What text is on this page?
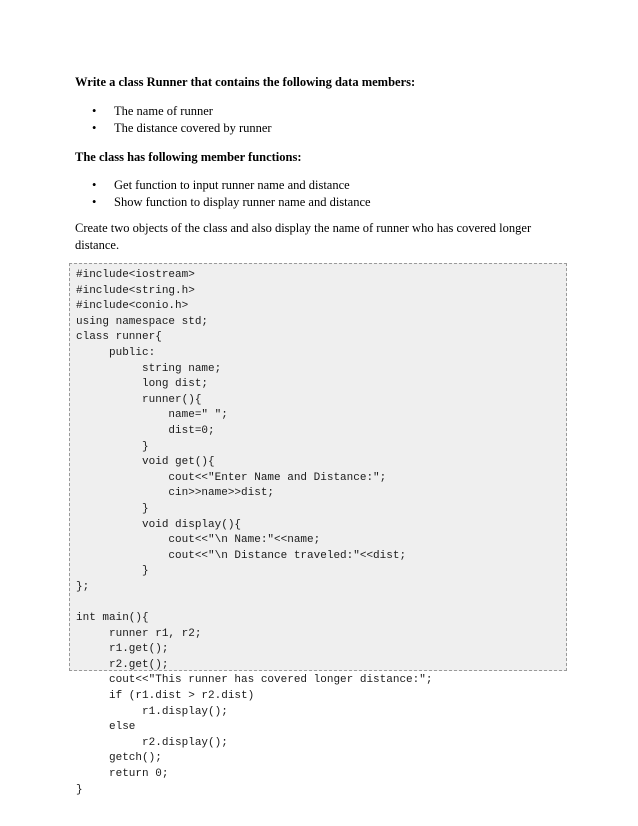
Write a class Runner that contains the following data members:
• The name of runner
• The distance covered by runner
The class has following member functions:
• Get function to input runner name and distance
• Show function to display runner name and distance
Create two objects of the class and also display the name of runner who has covered longer distance.
#include<iostream>
#include<string.h>
#include<conio.h>
using namespace std;
class runner{
public:
string name;
long dist;
runner(){
name=" ";
dist=0;
}
void get(){
cout<<"Enter Name and Distance:";
cin>>name>>dist;
}
void display(){
cout<<"\n Name:"<<name;
cout<<"\n Distance traveled:"<<dist;
}
};

int main(){
runner r1, r2;
r1.get();
r2.get();
cout<<"This runner has covered longer distance:";
if (r1.dist > r2.dist)
r1.display();
else
r2.display();
getch();
return 0;
}
